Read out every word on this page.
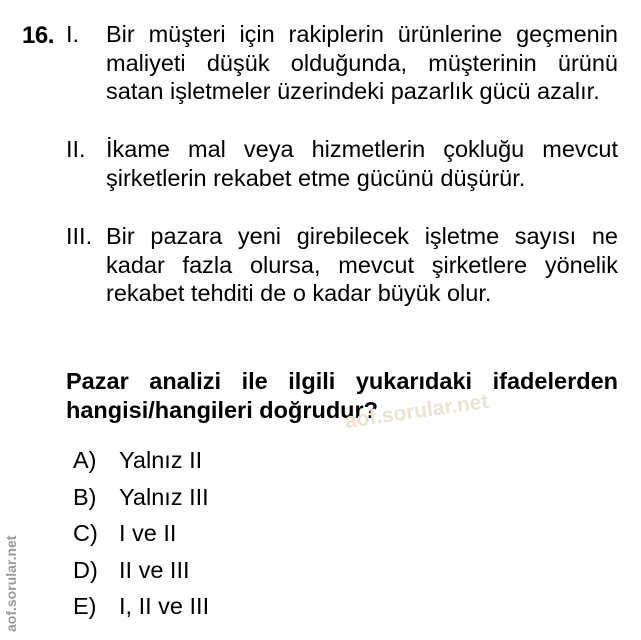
16. I. Bir müşteri için rakiplerin ürünlerine geçmenin maliyeti düşük olduğunda, müşterinin ürünü satan işletmeler üzerindeki pazarlık gücü azalır.
II. İkame mal veya hizmetlerin çokluğu mevcut şirketlerin rekabet etme gücünü düşürür.
III. Bir pazara yeni girebilecek işletme sayısı ne kadar fazla olursa, mevcut şirketlere yönelik rekabet tehditi de o kadar büyük olur.
Pazar analizi ile ilgili yukarıdaki ifadelerden hangisi/hangileri doğrudur?
aof.sorular.net
A) Yalnız II
B) Yalnız III
C) I ve II
D) II ve III
E) I, II ve III
aof.sorular.net
